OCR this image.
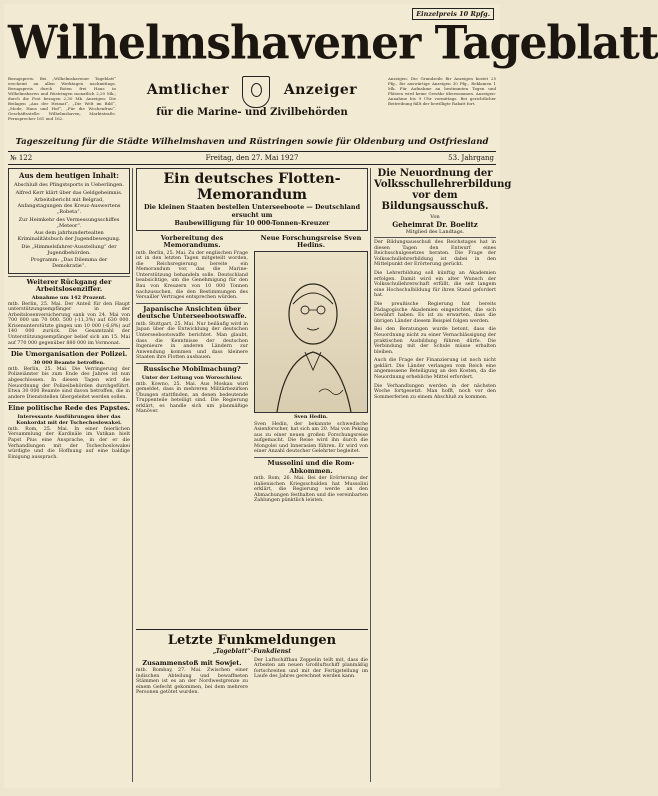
Einzelpreis 10 Rpfg.
Wilhelmshavener Tageblatt
Bezugspreis: Bei „Wilhelmshavener Tageblatt“ erscheint an allen Werktagen nachmittags. Bezugspreis durch Boten frei Haus in Wilhelmshaven und Rüstringen monatlich 2,20 Mk.; durch die Post bezogen 2,30 Mk. Anzeigen: Die Beilagen „Aus der Heimat“, „Die Welt im Bild“, „Mode, Haus und Hof“, „Für die Wochenfrau“. Geschäftsstelle: Wilhelmshaven, Marktstraße. Fernsprecher 161 und 162.
Amtlicher	Anzeiger
für die Marine- und Zivilbehörden
Anzeigen: Die Grundzeile für Anzeigen kostet 25 Pfg., für auswärtige Anzeigen 30 Pfg., Reklamen 1 Mk. Für Aufnahme an bestimmten Tagen und Plätzen wird keine Gewähr übernommen. Anzeigen-Annahme bis 9 Uhr vormittags. Bei gerichtlicher Beitreibung fällt der bewilligte Rabatt fort.
Tageszeitung für die Städte Wilhelmshaven und Rüstringen sowie für Oldenburg und Ostfriesland
№ 122	Freitag, den 27. Mai 1927	53. Jahrgang
Aus dem heutigen Inhalt:
Abschluß des Pfingstsports in Ueberlingen.
Alfred Kerr klärt über das Geldgeheimnis.
Arbeitsbericht mit Belgrad, Anfangstagungen des Kreuz-Auswertens „Robeta“.
Zur Heimkehr des Vermessungsschiffes „Meteor“.
Aus dem jahrhundertealten Kriminalitätsbuch der Jugendbewegung.
Die „Himmelsfahrer-Ausstellung“ der Jugendbehörden.
Programm: „Das Dilemma der Demokratie“.
Weiterer Rückgang der Arbeitslosenziffer.
Abnahme um 142 Prozent.

mtb. Berlin, 25. Mai. Der Anteil für den Haupt unterstützungsempfänger in der Arbeitslosenversicherung sank von 24. Mai von 700 000 um 70 000. 500 (-11,3%) auf 630 000. Krisenunterstützte gingen um 10 000 (-6,8%) auf 140 000 zurück. Die Gesamtzahl der Unterstützungsempfänger belief sich am 15. Mai auf 770 000 gegenüber 880 000 im Vormonat.

Die Umorganisation der Polizei.
30 000 Beamte betroffen.

mtb. Berlin, 25. Mai. Die Verringerung der Polizeiämter bis zum Ende des Jahres ist nun abgeschlossen. In diesen Tagen wird die Neuordnung der Polizeibehörden durchgeführt. Etwa 30 000 Beamte sind davon betroffen, die in andere Dienststellen übergeleitet werden sollen.

Eine politische Rede des Papstes.
Interessante Ausführungen über das Konkordat mit der Tschechoslowakei.

mtb. Rom, 25. Mai. In einer feierlichen Versammlung der Kardinäle im Vatikan hielt Papst Pius eine Ansprache, in der er die Verhandlungen mit der Tschechoslowakei würdigte und die Hoffnung auf eine baldige Einigung aussprach.

Ein deutsches Flotten-Memorandum
Die kleinen Staaten bestellen Unterseeboote — Deutschland ersucht um
Baubewilligung für 10 000-Tonnen-Kreuzer
Vorbereitung des Memorandums.

mtb. Berlin, 25. Mai. Zu der englischen Frage ist in den letzten Tagen mitgeteilt worden, die Reichsregierung bereite ein Memorandum vor, das die Marine-Unterstützung behandeln solle. Deutschland beabsichtige, um die Genehmigung für den Bau von Kreuzern von 10 000 Tonnen nachzusuchen, die den Bestimmungen des Versailler Vertrages entsprechen würden.

Japanische Ansichten über deutsche Unterseebootswaffe.

mtb. Stuttgart, 25. Mai. Nur beiläufig wird in Japan über die Entwicklung der deutschen Unterseebootswaffe berichtet. Man glaubt, dass die Kenntnisse der deutschen Ingenieure in anderen Ländern zur Anwendung kommen und dass kleinere Staaten ihre Flotten ausbauen.

Russische Mobilmachung?
Unter der Leitung von Woroschilow.

mtb. Kowno, 25. Mai. Aus Moskau wird gemeldet, dass in mehreren Militärbezirken Übungen stattfinden, an denen bedeutende Truppenteile beteiligt sind. Die Regierung erklärt, es handle sich um planmäßige Manöver.

Neue Forschungsreise Sven Hedins.
Sven Hedin.

Sven Hedin, der bekannte schwedische Asienforscher, hat sich am 20. Mai von Peking aus zu einer neuen großen Forschungsreise aufgemacht. Die Reise wird ihn durch die Mongolei und Innerasien führen. Er wird von einer Anzahl deutscher Gelehrter begleitet.

Mussolini und die Rom-Abkommen.

mtb. Rom, 26. Mai. Bei der Erörterung der italienischen Kriegsschulden hat Mussolini erklärt, die Regierung werde an den Abmachungen festhalten und die vereinbarten Zahlungen pünktlich leisten.

Letzte Funkmeldungen
„Tageblatt“-Funkdienst
Zusammenstoß mit Sowjet.

mtb. Bombay, 27. Mai. Zwischen einer indischen Abteilung und bewaffneten Stämmen ist es an der Nordwestgrenze zu einem Gefecht gekommen, bei dem mehrere Personen getötet wurden.

Der Luftschiffbau Zeppelin teilt mit, dass die Arbeiten am neuen Großluftschiff planmäßig fortschreiten und mit der Fertigstellung im Laufe des Jahres gerechnet werden kann.

Die Neuordnung der Volksschullehrerbildung vor dem Bildungsausschuß.
Von
Geheimrat Dr. Boelitz
Mitglied des Landtags.

Der Bildungsausschuß des Reichstages hat in diesen Tagen den Entwurf eines Reichsschulgesetzes beraten. Die Frage der Volksschullehrerbildung ist dabei in den Mittelpunkt der Erörterung gerückt.

Die Lehrerbildung soll künftig an Akademien erfolgen. Damit wird ein alter Wunsch der Volksschullehrerschaft erfüllt, die seit langem eine Hochschulbildung für ihren Stand gefordert hat.

Die preußische Regierung hat bereits Pädagogische Akademien eingerichtet, die sich bewährt haben. Es ist zu erwarten, dass die übrigen Länder diesem Beispiel folgen werden.

Bei den Beratungen wurde betont, dass die Neuordnung nicht zu einer Vernachlässigung der praktischen Ausbildung führen dürfe. Die Verbindung mit der Schule müsse erhalten bleiben.

Auch die Frage der Finanzierung ist noch nicht geklärt. Die Länder verlangen vom Reich eine angemessene Beteiligung an den Kosten, da die Neuordnung erhebliche Mittel erfordert.

Die Verhandlungen werden in der nächsten Woche fortgesetzt. Man hofft, noch vor den Sommerferien zu einem Abschluß zu kommen.
